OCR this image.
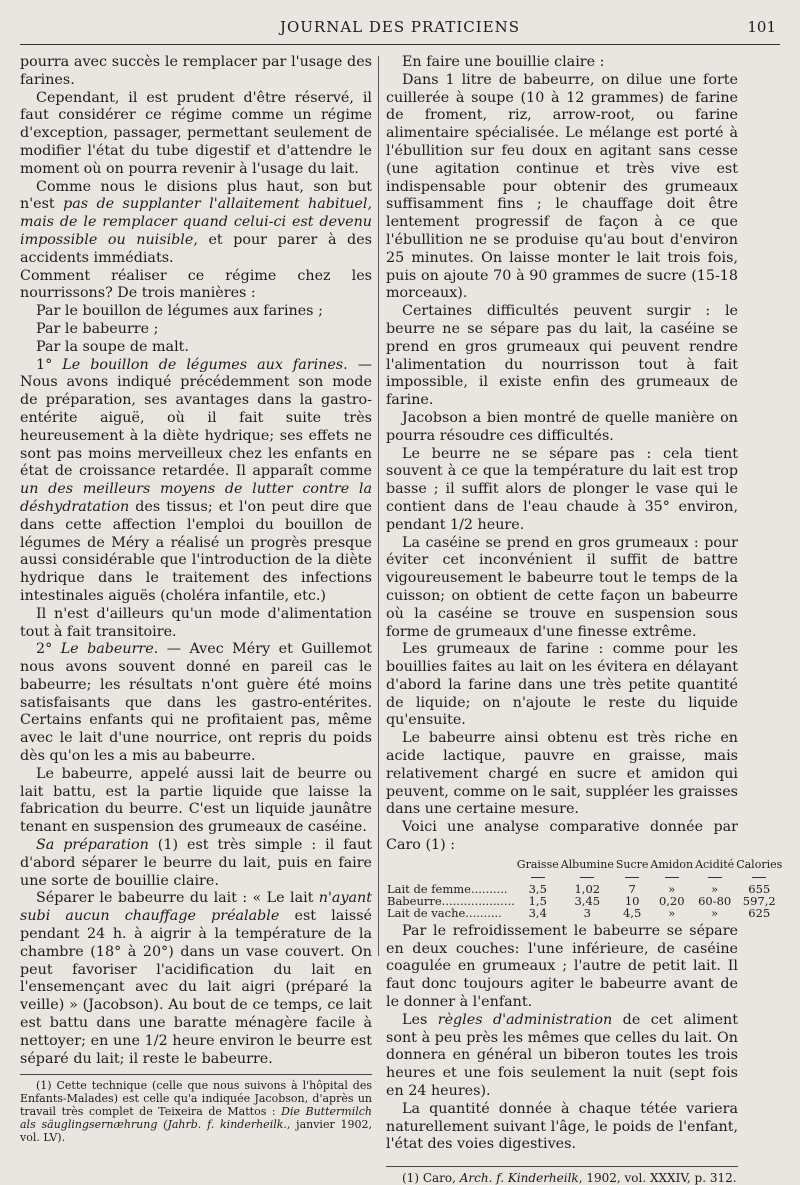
JOURNAL DES PRATICIENS	101

pourra avec succès le remplacer par l'usage des farines.

Cependant, il est prudent d'être réservé, il faut considérer ce régime comme un régime d'exception, passager, permettant seulement de modifier l'état du tube digestif et d'attendre le moment où on pourra revenir à l'usage du lait.

Comme nous le disions plus haut, son but n'est pas de supplanter l'allaitement habituel, mais de le remplacer quand celui-ci est devenu impossible ou nuisible, et pour parer à des accidents immédiats.

Comment réaliser ce régime chez les nourrissons? De trois manières :

Par le bouillon de légumes aux farines ;

Par le babeurre ;

Par la soupe de malt.

1° Le bouillon de légumes aux farines. — Nous avons indiqué précédemment son mode de préparation, ses avantages dans la gastro-entérite aiguë, où il fait suite très heureusement à la diète hydrique; ses effets ne sont pas moins merveilleux chez les enfants en état de croissance retardée. Il apparaît comme un des meilleurs moyens de lutter contre la déshydratation des tissus; et l'on peut dire que dans cette affection l'emploi du bouillon de légumes de Méry a réalisé un progrès presque aussi considérable que l'introduction de la diète hydrique dans le traitement des infections intestinales aiguës (choléra infantile, etc.)

Il n'est d'ailleurs qu'un mode d'alimentation tout à fait transitoire.

2° Le babeurre. — Avec Méry et Guillemot nous avons souvent donné en pareil cas le babeurre; les résultats n'ont guère été moins satisfaisants que dans les gastro-entérites. Certains enfants qui ne profitaient pas, même avec le lait d'une nourrice, ont repris du poids dès qu'on les a mis au babeurre.

Le babeurre, appelé aussi lait de beurre ou lait battu, est la partie liquide que laisse la fabrication du beurre. C'est un liquide jaunâtre tenant en suspension des grumeaux de caséine.

Sa préparation (1) est très simple : il faut d'abord séparer le beurre du lait, puis en faire une sorte de bouillie claire.

Séparer le babeurre du lait : « Le lait n'ayant subi aucun chauffage préalable est laissé pendant 24 h. à aigrir à la température de la chambre (18° à 20°) dans un vase couvert. On peut favoriser l'acidification du lait en l'ensemençant avec du lait aigri (préparé la veille) » (Jacobson). Au bout de ce temps, ce lait est battu dans une baratte ménagère facile à nettoyer; en une 1/2 heure environ le beurre est séparé du lait; il reste le babeurre.

(1) Cette technique (celle que nous suivons à l'hôpital des Enfants-Malades) est celle qu'a indiquée Jacobson, d'après un travail très complet de Teixeira de Mattos : Die Buttermilch als säuglingsernæhrung (Jahrb. f. kinderheilk., janvier 1902, vol. LV).

En faire une bouillie claire :

Dans 1 litre de babeurre, on dilue une forte cuillerée à soupe (10 à 12 grammes) de farine de froment, riz, arrow-root, ou farine alimentaire spécialisée. Le mélange est porté à l'ébullition sur feu doux en agitant sans cesse (une agitation continue et très vive est indispensable pour obtenir des grumeaux suffisamment fins ; le chauffage doit être lentement progressif de façon à ce que l'ébullition ne se produise qu'au bout d'environ 25 minutes. On laisse monter le lait trois fois, puis on ajoute 70 à 90 grammes de sucre (15-18 morceaux).

Certaines difficultés peuvent surgir : le beurre ne se sépare pas du lait, la caséine se prend en gros grumeaux qui peuvent rendre l'alimentation du nourrisson tout à fait impossible, il existe enfin des grumeaux de farine.

Jacobson a bien montré de quelle manière on pourra résoudre ces difficultés.

Le beurre ne se sépare pas : cela tient souvent à ce que la température du lait est trop basse ; il suffit alors de plonger le vase qui le contient dans de l'eau chaude à 35° environ, pendant 1/2 heure.

La caséine se prend en gros grumeaux : pour éviter cet inconvénient il suffit de battre vigoureusement le babeurre tout le temps de la cuisson; on obtient de cette façon un babeurre où la caséine se trouve en suspension sous forme de grumeaux d'une finesse extrême.

Les grumeaux de farine : comme pour les bouillies faites au lait on les évitera en délayant d'abord la farine dans une très petite quantité de liquide; on n'ajoute le reste du liquide qu'ensuite.

Le babeurre ainsi obtenu est très riche en acide lactique, pauvre en graisse, mais relativement chargé en sucre et amidon qui peuvent, comme on le sait, suppléer les graisses dans une certaine mesure.

Voici une analyse comparative donnée par Caro (1) :

	Graisse	Albumine	Sucre	Amidon	Acidité	Calories

Lait de femme..........	3,5	1,02	7	»	»	655
Babeurre....................	1,5	3,45	10	0,20	60-80	597,2
Lait de vache..........	3,4	3	4,5	»	»	625

Par le refroidissement le babeurre se sépare en deux couches: l'une inférieure, de caséine coagulée en grumeaux ; l'autre de petit lait. Il faut donc toujours agiter le babeurre avant de le donner à l'enfant.

Les règles d'administration de cet aliment sont à peu près les mêmes que celles du lait. On donnera en général un biberon toutes les trois heures et une fois seulement la nuit (sept fois en 24 heures).

La quantité donnée à chaque tétée variera naturellement suivant l'âge, le poids de l'enfant, l'état des voies digestives.

(1) Caro, Arch. f. Kinderheilk, 1902, vol. XXXIV, p. 312.
